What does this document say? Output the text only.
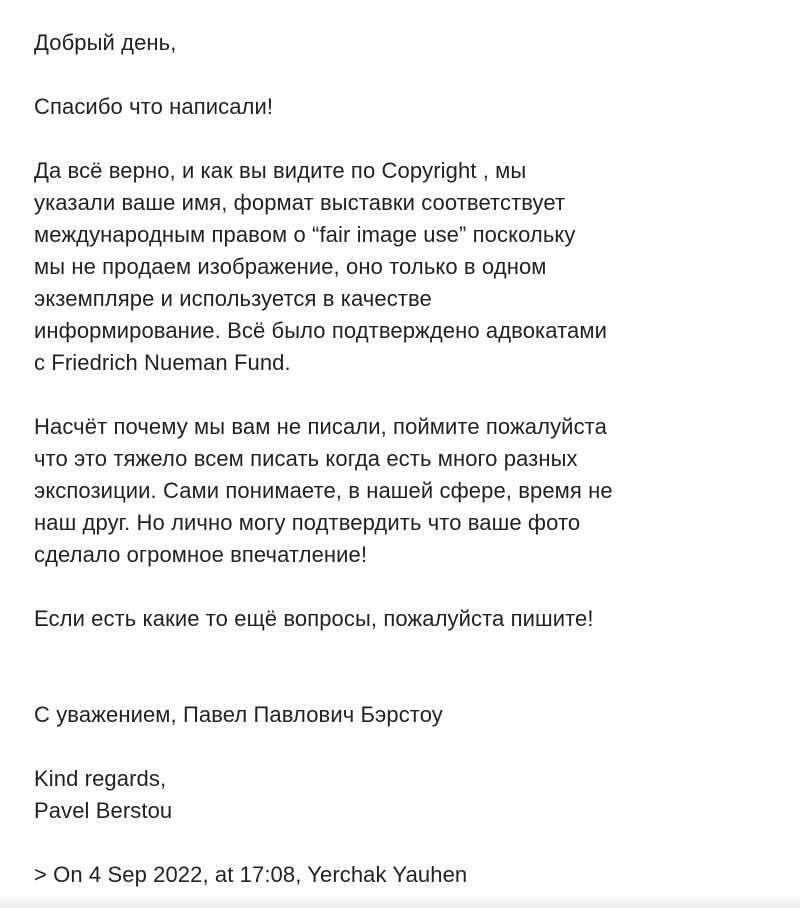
Добрый день,

Спасибо что написали!

Да всё верно, и как вы видите по Copyright , мы
указали ваше имя, формат выставки соответствует
международным правом о “fair image use” поскольку
мы не продаем изображение, оно только в одном
экземпляре и используется в качестве
информирование. Всё было подтверждено адвокатами
с Friedrich Nueman Fund.

Насчёт почему мы вам не писали, поймите пожалуйста
что это тяжело всем писать когда есть много разных
экспозиции. Сами понимаете, в нашей сфере, время не
наш друг. Но лично могу подтвердить что ваше фото
сделало огромное впечатление!

Если есть какие то ещё вопросы, пожалуйста пишите!

С уважением, Павел Павлович Бэрстоу

Kind regards,
Pavel Berstou

> On 4 Sep 2022, at 17:08, Yerchak Yauhen
